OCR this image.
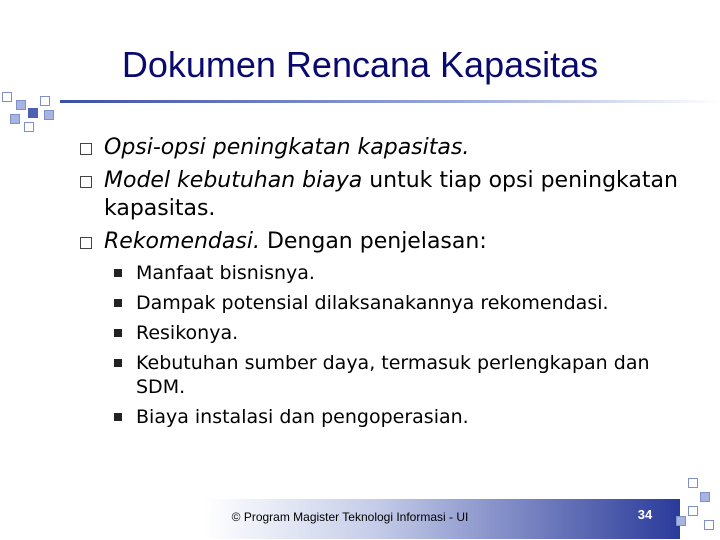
Dokumen Rencana Kapasitas
Opsi-opsi peningkatan kapasitas.
Model kebutuhan biaya untuk tiap opsi peningkatan kapasitas.
Rekomendasi. Dengan penjelasan:
Manfaat bisnisnya.
Dampak potensial dilaksanakannya rekomendasi.
Resikonya.
Kebutuhan sumber daya, termasuk perlengkapan dan SDM.
Biaya instalasi dan pengoperasian.
© Program Magister Teknologi Informasi - UI	34
